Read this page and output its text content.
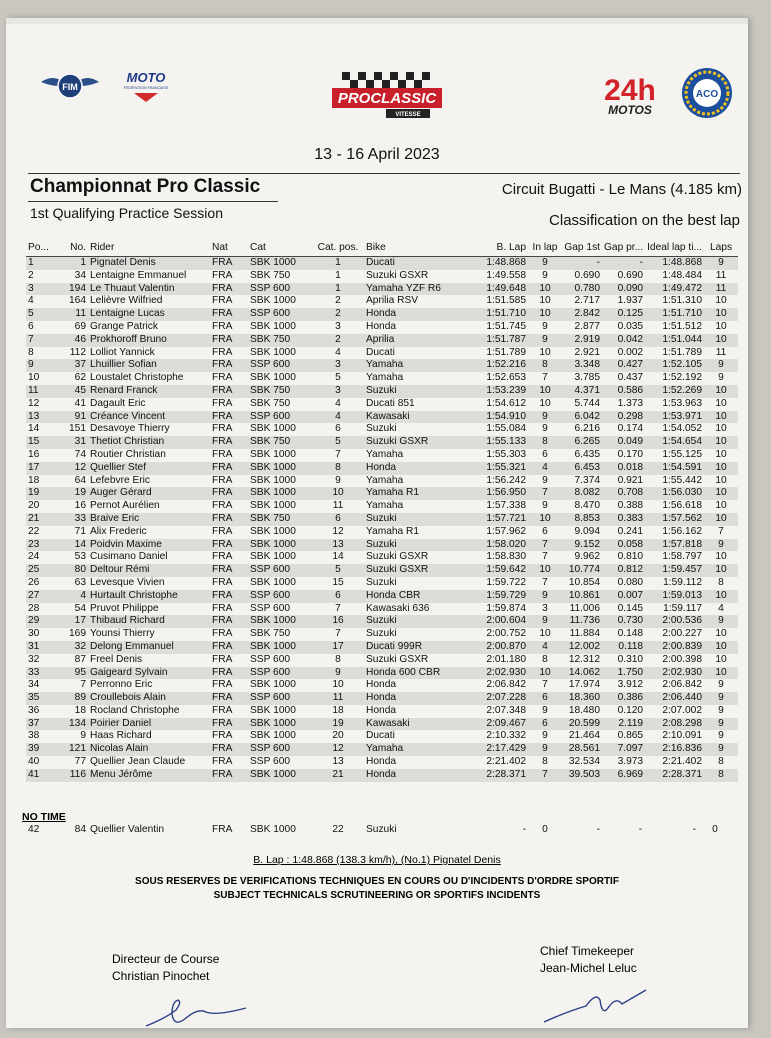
FIM
MOTO
FÉDÉRATION FRANÇAISE
PROCLASSIC
VITESSE
24h
MOTOS
ACO
13 - 16 April 2023
Championnat Pro Classic	Circuit Bugatti - Le Mans (4.185 km)
1st Qualifying Practice Session	Classification on the best lap
Po...	No.	Rider	Nat	Cat	Cat. pos.	Bike	B. Lap	In lap	Gap 1st	Gap pr...	Ideal lap ti...	Laps
1	1	Pignatel Denis	FRA	SBK 1000	1	Ducati	1:48.868	9	-	-	1:48.868	9
2	34	Lentaigne Emmanuel	FRA	SBK 750	1	Suzuki GSXR	1:49.558	9	0.690	0.690	1:48.484	11
3	194	Le Thuaut Valentin	FRA	SSP 600	1	Yamaha YZF R6	1:49.648	10	0.780	0.090	1:49.472	11
4	164	Lelièvre Wilfried	FRA	SBK 1000	2	Aprilia RSV	1:51.585	10	2.717	1.937	1:51.310	10
5	11	Lentaigne Lucas	FRA	SSP 600	2	Honda	1:51.710	10	2.842	0.125	1:51.710	10
6	69	Grange Patrick	FRA	SBK 1000	3	Honda	1:51.745	9	2.877	0.035	1:51.512	10
7	46	Prokhoroff Bruno	FRA	SBK 750	2	Aprilia	1:51.787	9	2.919	0.042	1:51.044	10
8	112	Lolliot Yannick	FRA	SBK 1000	4	Ducati	1:51.789	10	2.921	0.002	1:51.789	11
9	37	Lhuillier Sofian	FRA	SSP 600	3	Yamaha	1:52.216	8	3.348	0.427	1:52.105	9
10	62	Loustalet Christophe	FRA	SBK 1000	5	Yamaha	1:52.653	7	3.785	0.437	1:52.192	9
11	45	Renard Franck	FRA	SBK 750	3	Suzuki	1:53.239	10	4.371	0.586	1:52.269	10
12	41	Dagault Eric	FRA	SBK 750	4	Ducati 851	1:54.612	10	5.744	1.373	1:53.963	10
13	91	Créance Vincent	FRA	SSP 600	4	Kawasaki	1:54.910	9	6.042	0.298	1:53.971	10
14	151	Desavoye Thierry	FRA	SBK 1000	6	Suzuki	1:55.084	9	6.216	0.174	1:54.052	10
15	31	Thetiot Christian	FRA	SBK 750	5	Suzuki GSXR	1:55.133	8	6.265	0.049	1:54.654	10
16	74	Routier Christian	FRA	SBK 1000	7	Yamaha	1:55.303	6	6.435	0.170	1:55.125	10
17	12	Quellier Stef	FRA	SBK 1000	8	Honda	1:55.321	4	6.453	0.018	1:54.591	10
18	64	Lefebvre Eric	FRA	SBK 1000	9	Yamaha	1:56.242	9	7.374	0.921	1:55.442	10
19	19	Auger Gérard	FRA	SBK 1000	10	Yamaha R1	1:56.950	7	8.082	0.708	1:56.030	10
20	16	Pernot Aurélien	FRA	SBK 1000	11	Yamaha	1:57.338	9	8.470	0.388	1:56.618	10
21	33	Braive Eric	FRA	SBK 750	6	Suzuki	1:57.721	10	8.853	0.383	1:57.562	10
22	71	Alix Frederic	FRA	SBK 1000	12	Yamaha R1	1:57.962	6	9.094	0.241	1:56.162	7
23	14	Poidvin Maxime	FRA	SBK 1000	13	Suzuki	1:58.020	7	9.152	0.058	1:57.818	9
24	53	Cusimano Daniel	FRA	SBK 1000	14	Suzuki GSXR	1:58.830	7	9.962	0.810	1:58.797	10
25	80	Deltour Rémi	FRA	SSP 600	5	Suzuki GSXR	1:59.642	10	10.774	0.812	1:59.457	10
26	63	Levesque Vivien	FRA	SBK 1000	15	Suzuki	1:59.722	7	10.854	0.080	1:59.112	8
27	4	Hurtault Christophe	FRA	SSP 600	6	Honda CBR	1:59.729	9	10.861	0.007	1:59.013	10
28	54	Pruvot Philippe	FRA	SSP 600	7	Kawasaki 636	1:59.874	3	11.006	0.145	1:59.117	4
29	17	Thibaud Richard	FRA	SBK 1000	16	Suzuki	2:00.604	9	11.736	0.730	2:00.536	9
30	169	Younsi Thierry	FRA	SBK 750	7	Suzuki	2:00.752	10	11.884	0.148	2:00.227	10
31	32	Delong Emmanuel	FRA	SBK 1000	17	Ducati 999R	2:00.870	4	12.002	0.118	2:00.839	10
32	87	Freel Denis	FRA	SSP 600	8	Suzuki GSXR	2:01.180	8	12.312	0.310	2:00.398	10
33	95	Gaigeard Sylvain	FRA	SSP 600	9	Honda 600 CBR	2:02.930	10	14.062	1.750	2:02.930	10
34	7	Perronno Eric	FRA	SBK 1000	10	Honda	2:06.842	7	17.974	3.912	2:06.842	9
35	89	Croullebois Alain	FRA	SSP 600	11	Honda	2:07.228	6	18.360	0.386	2:06.440	9
36	18	Rocland Christophe	FRA	SBK 1000	18	Honda	2:07.348	9	18.480	0.120	2:07.002	9
37	134	Poirier Daniel	FRA	SBK 1000	19	Kawasaki	2:09.467	6	20.599	2.119	2:08.298	9
38	9	Haas Richard	FRA	SBK 1000	20	Ducati	2:10.332	9	21.464	0.865	2:10.091	9
39	121	Nicolas Alain	FRA	SSP 600	12	Yamaha	2:17.429	9	28.561	7.097	2:16.836	9
40	77	Quellier Jean Claude	FRA	SSP 600	13	Honda	2:21.402	8	32.534	3.973	2:21.402	8
41	116	Menu Jérôme	FRA	SBK 1000	21	Honda	2:28.371	7	39.503	6.969	2:28.371	8
NO TIME
42	84	Quellier Valentin	FRA	SBK 1000	22	Suzuki	-	0	-	-	-	0
B. Lap : 1:48.868 (138.3 km/h), (No.1) Pignatel Denis
SOUS RESERVES DE VERIFICATIONS TECHNIQUES EN COURS OU D'INCIDENTS D'ORDRE SPORTIF
SUBJECT TECHNICALS SCRUTINEERING OR SPORTIFS INCIDENTS
Directeur de Course
Christian Pinochet
Chief Timekeeper
Jean-Michel Leluc
